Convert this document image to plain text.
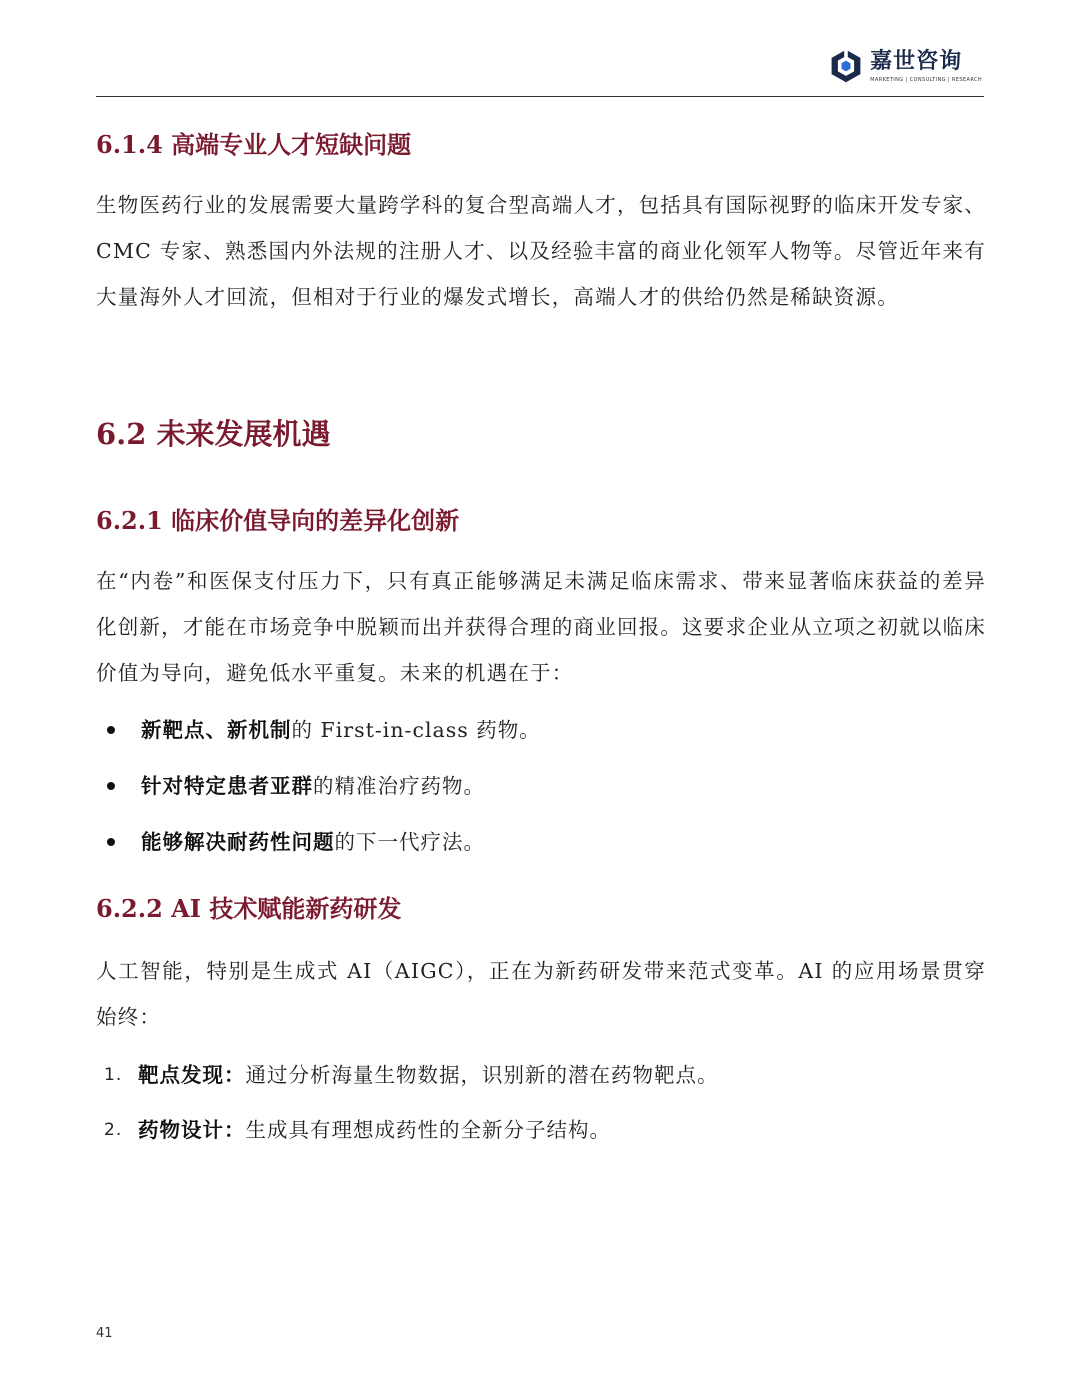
嘉世咨询
MARKETING | CONSULTING | RESEARCH
6.1.4 高端专业人才短缺问题

生物医药行业的发展需要大量跨学科的复合型高端人才，包括具有国际视野的临床开发专家、CMC 专家、熟悉国内外法规的注册人才、以及经验丰富的商业化领军人物等。尽管近年来有大量海外人才回流，但相对于行业的爆发式增长，高端人才的供给仍然是稀缺资源。

6.2 未来发展机遇
6.2.1 临床价值导向的差异化创新

在“内卷”和医保支付压力下，只有真正能够满足未满足临床需求、带来显著临床获益的差异化创新，才能在市场竞争中脱颖而出并获得合理的商业回报。这要求企业从立项之初就以临床价值为导向，避免低水平重复。未来的机遇在于：

新靶点、新机制 的 First-in-class 药物。
针对特定患者亚群 的精准治疗药物。
能够解决耐药性问题 的下一代疗法。
6.2.2 AI 技术赋能新药研发

人工智能，特别是生成式 AI（AIGC），正在为新药研发带来范式变革。AI 的应用场景贯穿始终：

1. 靶点发现： 通过分析海量生物数据，识别新的潜在药物靶点。
2. 药物设计： 生成具有理想成药性的全新分子结构。
41
